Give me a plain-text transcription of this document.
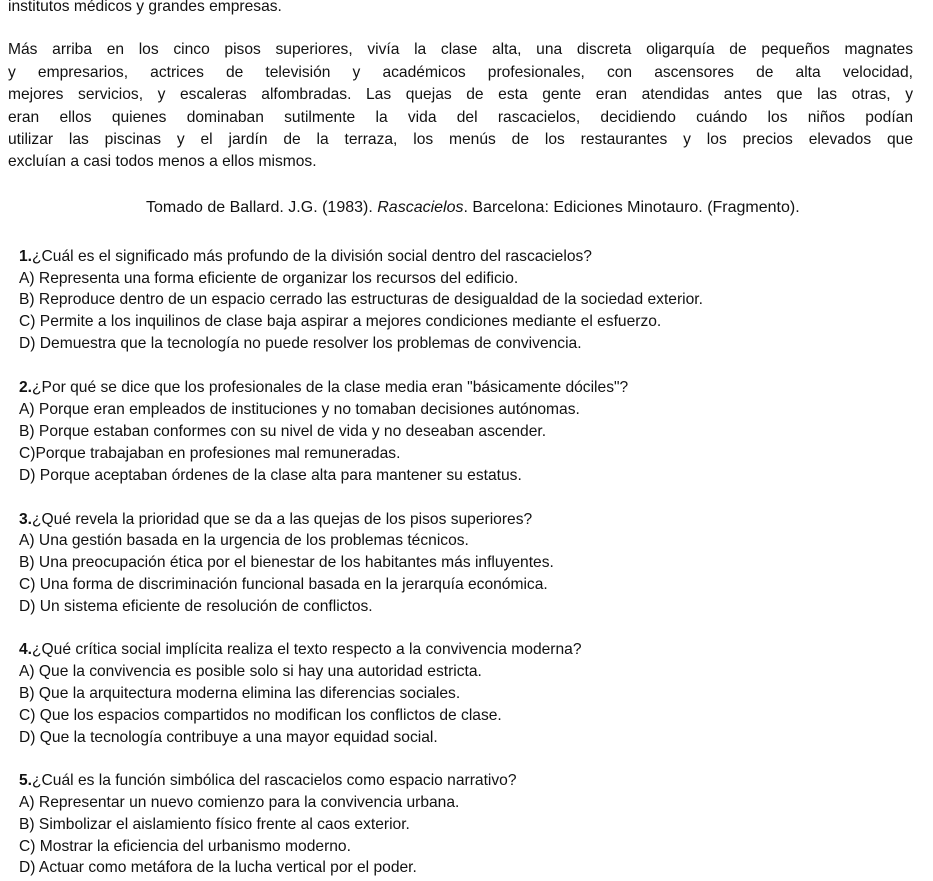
institutos médicos y grandes empresas.
Más arriba en los cinco pisos superiores, vivía la clase alta, una discreta oligarquía de pequeños magnates
y empresarios, actrices de televisión y académicos profesionales, con ascensores de alta velocidad,
mejores servicios, y escaleras alfombradas. Las quejas de esta gente eran atendidas antes que las otras, y
eran ellos quienes dominaban sutilmente la vida del rascacielos, decidiendo cuándo los niños podían
utilizar las piscinas y el jardín de la terraza, los menús de los restaurantes y los precios elevados que
excluían a casi todos menos a ellos mismos.
Tomado de Ballard. J.G. (1983). Rascacielos. Barcelona: Ediciones Minotauro. (Fragmento).
1.¿Cuál es el significado más profundo de la división social dentro del rascacielos?
A) Representa una forma eficiente de organizar los recursos del edificio.
B) Reproduce dentro de un espacio cerrado las estructuras de desigualdad de la sociedad exterior.
C) Permite a los inquilinos de clase baja aspirar a mejores condiciones mediante el esfuerzo.
D) Demuestra que la tecnología no puede resolver los problemas de convivencia.
2.¿Por qué se dice que los profesionales de la clase media eran "básicamente dóciles"?
A) Porque eran empleados de instituciones y no tomaban decisiones autónomas.
B) Porque estaban conformes con su nivel de vida y no deseaban ascender.
C)Porque trabajaban en profesiones mal remuneradas.
D) Porque aceptaban órdenes de la clase alta para mantener su estatus.
3.¿Qué revela la prioridad que se da a las quejas de los pisos superiores?
A) Una gestión basada en la urgencia de los problemas técnicos.
B) Una preocupación ética por el bienestar de los habitantes más influyentes.
C) Una forma de discriminación funcional basada en la jerarquía económica.
D) Un sistema eficiente de resolución de conflictos.
4.¿Qué crítica social implícita realiza el texto respecto a la convivencia moderna?
A) Que la convivencia es posible solo si hay una autoridad estricta.
B) Que la arquitectura moderna elimina las diferencias sociales.
C) Que los espacios compartidos no modifican los conflictos de clase.
D) Que la tecnología contribuye a una mayor equidad social.
5.¿Cuál es la función simbólica del rascacielos como espacio narrativo?
A) Representar un nuevo comienzo para la convivencia urbana.
B) Simbolizar el aislamiento físico frente al caos exterior.
C) Mostrar la eficiencia del urbanismo moderno.
D) Actuar como metáfora de la lucha vertical por el poder.
